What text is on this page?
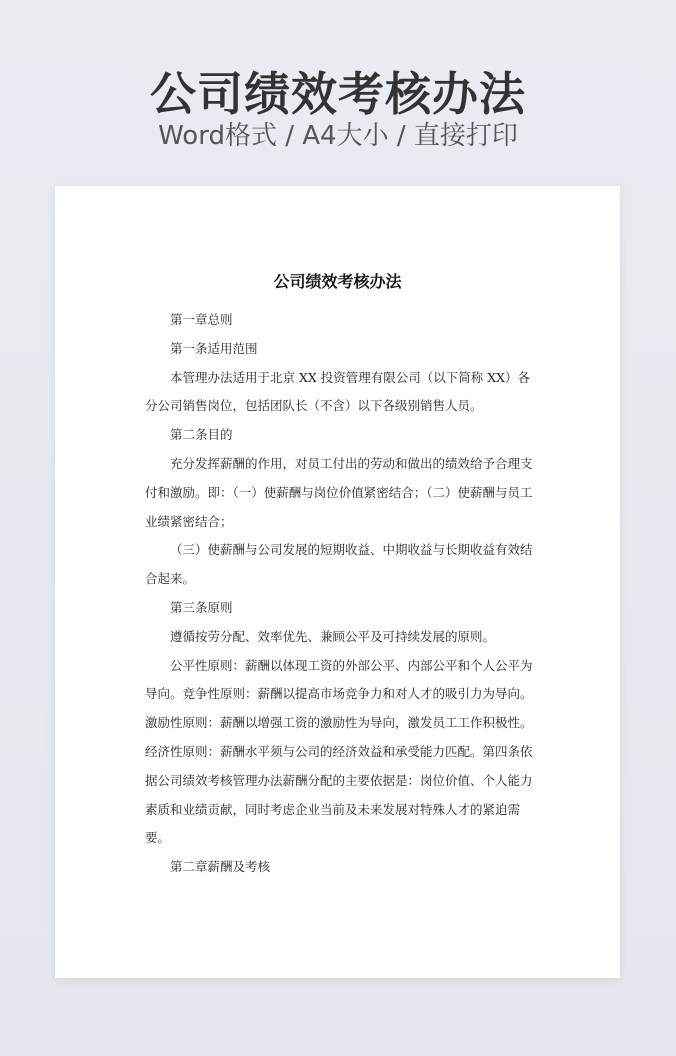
公司绩效考核办法
Word格式 / A4大小 / 直接打印
公司绩效考核办法

第一章总则

第一条适用范围

本管理办法适用于北京 XX 投资管理有限公司（以下简称 XX）各分公司销售岗位，包括团队长（不含）以下各级别销售人员。

第二条目的

充分发挥薪酬的作用，对员工付出的劳动和做出的绩效给予合理支付和激励。即：（一）使薪酬与岗位价值紧密结合；（二）使薪酬与员工业绩紧密结合；

（三）使薪酬与公司发展的短期收益、中期收益与长期收益有效结合起来。

第三条原则

遵循按劳分配、效率优先、兼顾公平及可持续发展的原则。

公平性原则：薪酬以体现工资的外部公平、内部公平和个人公平为导向。竞争性原则：薪酬以提高市场竞争力和对人才的吸引力为导向。激励性原则：薪酬以增强工资的激励性为导向，激发员工工作积极性。经济性原则：薪酬水平须与公司的经济效益和承受能力匹配。第四条依据公司绩效考核管理办法薪酬分配的主要依据是：岗位价值、个人能力素质和业绩贡献，同时考虑企业当前及未来发展对特殊人才的紧迫需要。

第二章薪酬及考核
